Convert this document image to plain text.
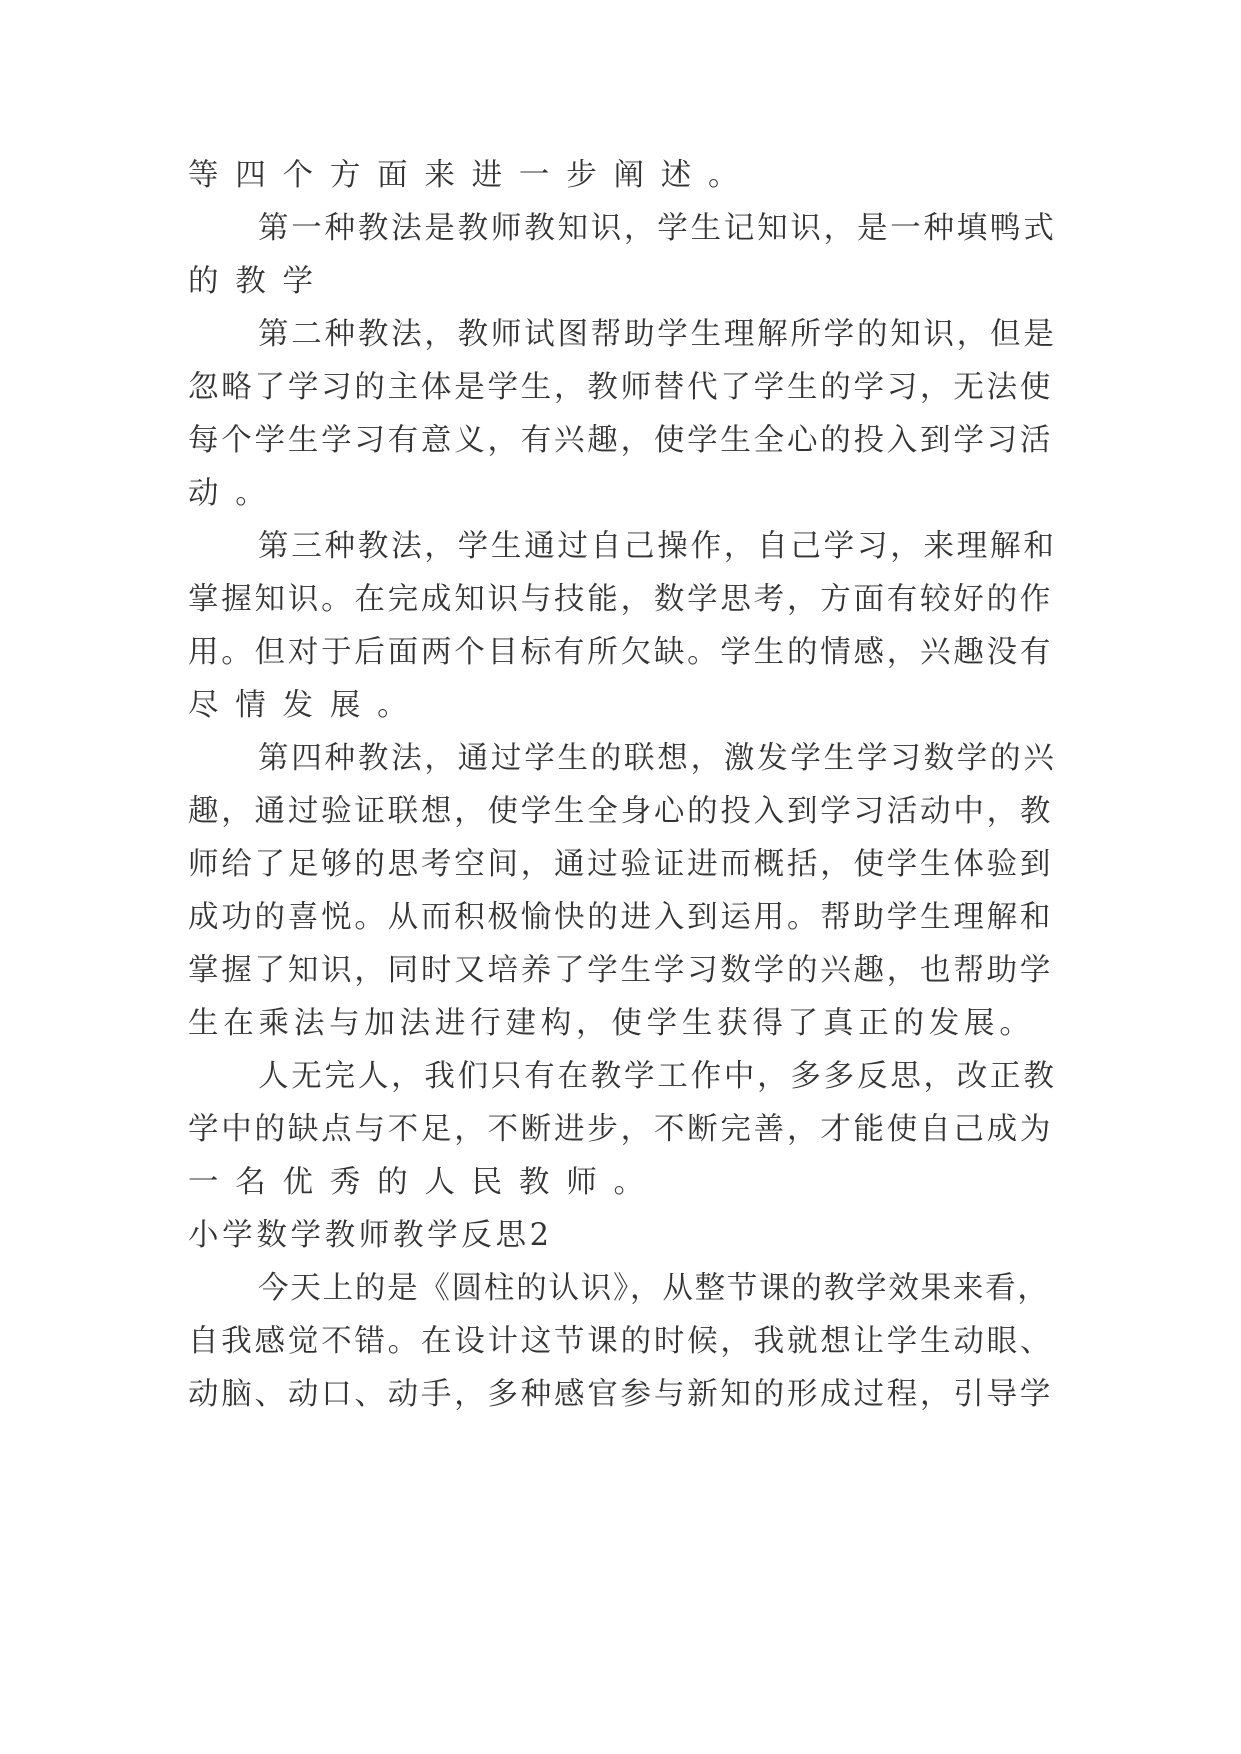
等四个方面来进一步阐述。
第一种教法是教师教知识，学生记知识，是一种填鸭式
的教学
第二种教法，教师试图帮助学生理解所学的知识，但是
忽略了学习的主体是学生，教师替代了学生的学习，无法使
每个学生学习有意义，有兴趣，使学生全心的投入到学习活
动。
第三种教法，学生通过自己操作，自己学习，来理解和
掌握知识。在完成知识与技能，数学思考，方面有较好的作
用。但对于后面两个目标有所欠缺。学生的情感，兴趣没有
尽情发展。
第四种教法，通过学生的联想，激发学生学习数学的兴
趣，通过验证联想，使学生全身心的投入到学习活动中，教
师给了足够的思考空间，通过验证进而概括，使学生体验到
成功的喜悦。从而积极愉快的进入到运用。帮助学生理解和
掌握了知识，同时又培养了学生学习数学的兴趣，也帮助学
生在乘法与加法进行建构，使学生获得了真正的发展。
人无完人，我们只有在教学工作中，多多反思，改正教
学中的缺点与不足，不断进步，不断完善，才能使自己成为
一名优秀的人民教师。
小学数学教师教学反思2
今天上的是《圆柱的认识》，从整节课的教学效果来看，
自我感觉不错。在设计这节课的时候，我就想让学生动眼、
动脑、动口、动手，多种感官参与新知的形成过程，引导学
